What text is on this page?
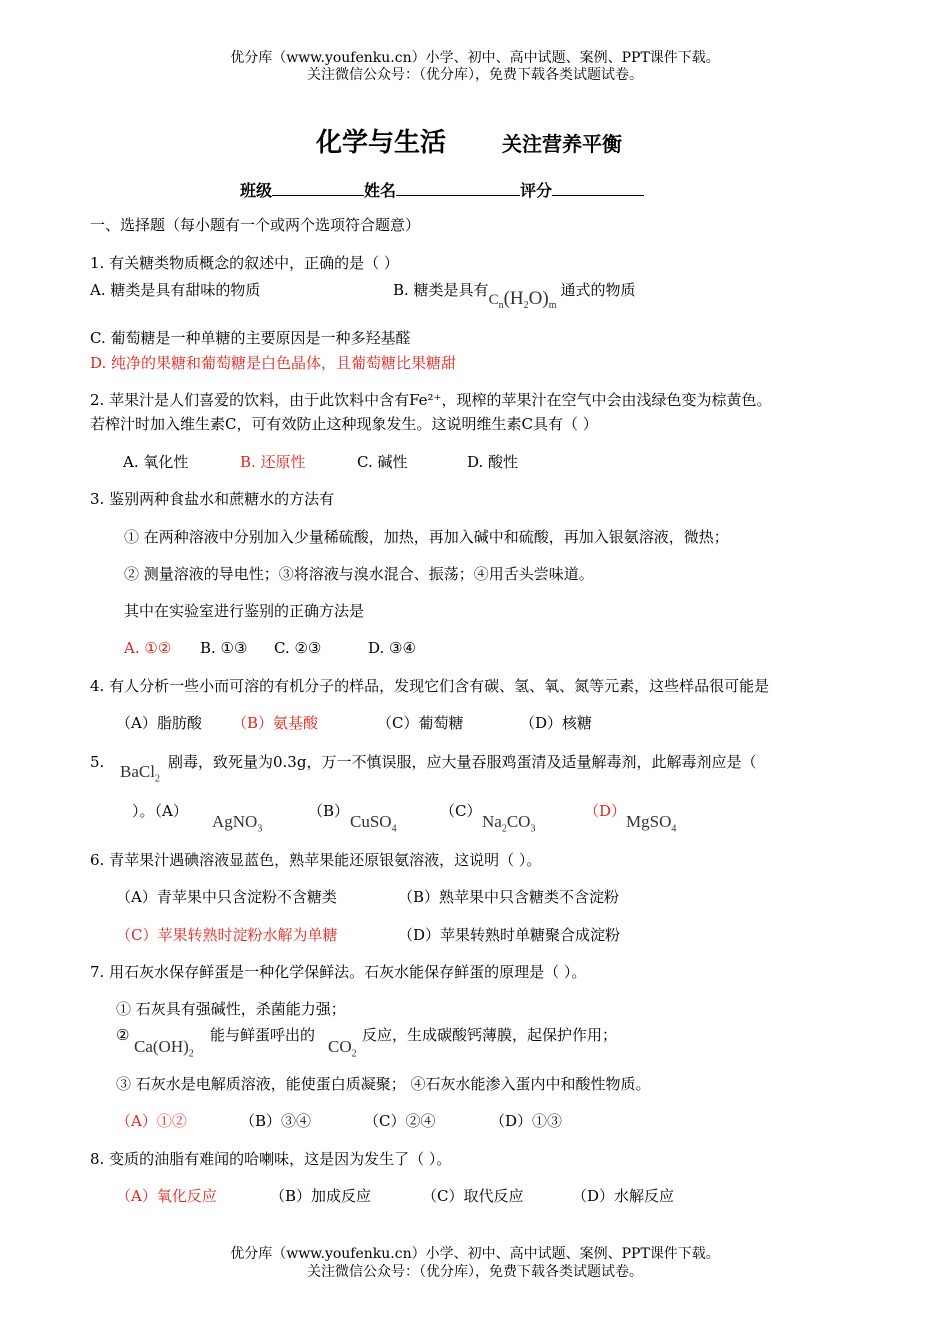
优分库（www.youfenku.cn）小学、初中、高中试题、案例、PPT课件下载。
关注微信公众号：（优分库），免费下载各类试题试卷。
化学与生活	关注营养平衡
班级	姓名	评分
一、选择题（每小题有一个或两个选项符合题意）
1. 有关糖类物质概念的叙述中，正确的是（ ）
A. 糖类是具有甜味的物质	B. 糖类是具有$C_n(H_2O)_m$通式的物质
C. 葡萄糖是一种单糖的主要原因是一种多羟基醛
D. 纯净的果糖和葡萄糖是白色晶体，且葡萄糖比果糖甜
2. 苹果汁是人们喜爱的饮料，由于此饮料中含有Fe²⁺，现榨的苹果汁在空气中会由浅绿色变为棕黄色。
若榨汁时加入维生素C，可有效防止这种现象发生。这说明维生素C具有（ ）
A. 氧化性	B. 还原性	C. 碱性	D. 酸性
3. 鉴别两种食盐水和蔗糖水的方法有
① 在两种溶液中分别加入少量稀硫酸，加热，再加入碱中和硫酸，再加入银氨溶液，微热；
② 测量溶液的导电性；③将溶液与溴水混合、振荡；④用舌头尝味道。
其中在实验室进行鉴别的正确方法是
A. ①② B. ①③ C. ②③	D. ③④
4. 有人分析一些小而可溶的有机分子的样品，发现它们含有碳、氢、氧、氮等元素，这些样品很可能是
（A）脂肪酸 （B）氨基酸	（C）葡萄糖	（D）核糖
5. BaCl$_2$
剧毒，致死量为0.3g，万一不慎误服，应大量吞服鸡蛋清及适量解毒剂，此解毒剂应是（
）。（A）
AgNO$_3$
（B）
CuSO$_4$
（C）
$Na_2CO_3$
（D）
MgSO$_4$
6. 青苹果汁遇碘溶液显蓝色，熟苹果能还原银氨溶液，这说明（ ）。
（A）青苹果中只含淀粉不含糖类	（B）熟苹果中只含糖类不含淀粉
（C）苹果转熟时淀粉水解为单糖	（D）苹果转熟时单糖聚合成淀粉
7. 用石灰水保存鲜蛋是一种化学保鲜法。石灰水能保存鲜蛋的原理是（ ）。
① 石灰具有强碱性，杀菌能力强；
②
$Ca(OH)_2$
能与鲜蛋呼出的
$CO_2$
反应，生成碳酸钙薄膜，起保护作用；
③ 石灰水是电解质溶液，能使蛋白质凝聚； ④石灰水能渗入蛋内中和酸性物质。
（A）①②	（B）③④	（C）②④	（D）①③
8. 变质的油脂有难闻的哈喇味，这是因为发生了（ ）。
（A）氧化反应	（B）加成反应	（C）取代反应	（D）水解反应
优分库（www.youfenku.cn）小学、初中、高中试题、案例、PPT课件下载。
关注微信公众号：（优分库），免费下载各类试题试卷。
